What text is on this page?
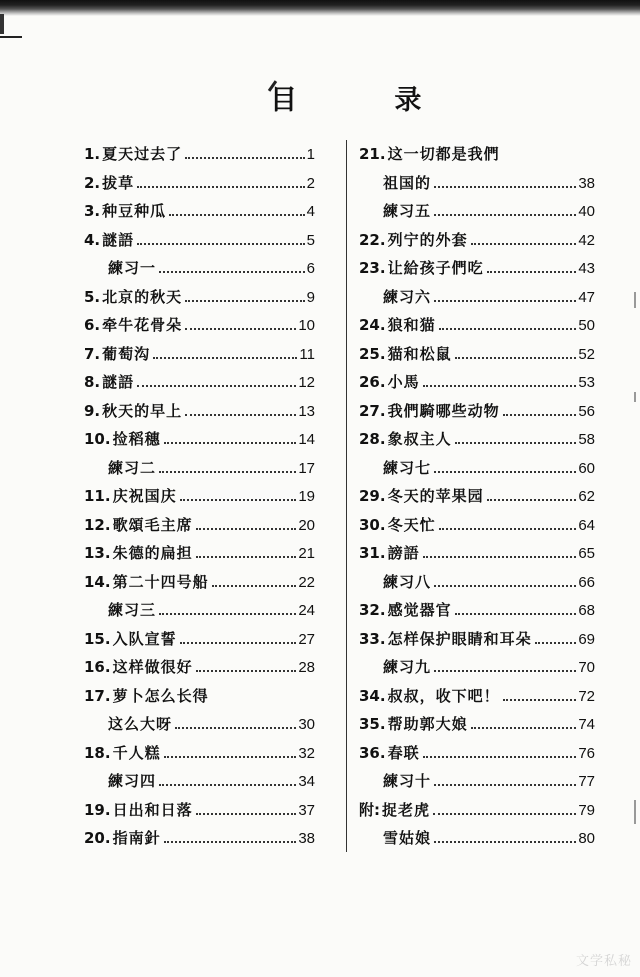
目 录
1. 夏天过去了	1
2. 拔草	2
3. 种豆种瓜	4
4. 謎語	5
練习一	6
5. 北京的秋天	9
6. 牵牛花骨朵	10
7. 葡萄沟	11
8. 謎語	12
9. 秋天的早上	13
10. 捡稻穗	14
練习二	17
11. 庆祝国庆	19
12. 歌頌毛主席	20
13. 朱德的扁担	21
14. 第二十四号船	22
練习三	24
15. 入队宣誓	27
16. 这样做很好	28
17. 萝卜怎么长得
这么大呀	30
18. 千人糕	32
練习四	34
19. 日出和日落	37
20. 指南針	38
21. 这一切都是我們
祖国的	38
練习五	40
22. 列宁的外套	42
23. 让給孩子們吃	43
練习六	47
24. 狼和猫	50
25. 猫和松鼠	52
26. 小馬	53
27. 我們騎哪些动物	56
28. 象叔主人	58
練习七	60
29. 冬天的苹果园	62
30. 冬天忙	64
31. 謗語	65
練习八	66
32. 感觉器官	68
33. 怎样保护眼睛和耳朵	69
練习九	70
34. 叔叔，收下吧！	72
35. 帮助郭大娘	74
36. 春联	76
練习十	77
附: 捉老虎	79
雪姑娘	80
文学私秘
